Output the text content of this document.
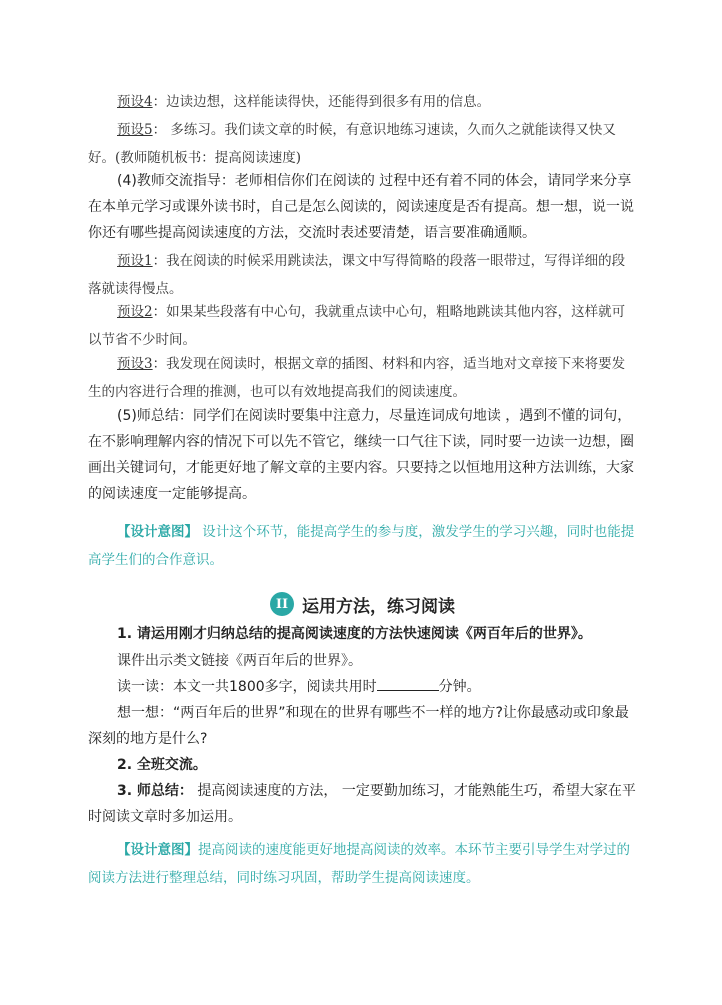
预设4：边读边想，这样能读得快，还能得到很多有用的信息。

预设5： 多练习。我们读文章的时候，有意识地练习速读，久而久之就能读得又快又好。(教师随机板书：提高阅读速度)

(4)教师交流指导：老师相信你们在阅读的 过程中还有着不同的体会，请同学来分享在本单元学习或课外读书时，自己是怎么阅读的，阅读速度是否有提高。想一想，说一说你还有哪些提高阅读速度的方法，交流时表述要清楚，语言要准确通顺。

预设1：我在阅读的时候采用跳读法，课文中写得简略的段落一眼带过，写得详细的段落就读得慢点。

预设2：如果某些段落有中心句，我就重点读中心句，粗略地跳读其他内容，这样就可以节省不少时间。

预设3：我发现在阅读时，根据文章的插图、材料和内容，适当地对文章接下来将要发生的内容进行合理的推测，也可以有效地提高我们的阅读速度。

(5)师总结：同学们在阅读时要集中注意力，尽量连词成句地读 ，遇到不懂的词句，在不影响理解内容的情况下可以先不管它，继续一口气往下读，同时要一边读一边想，圈画出关键词句，才能更好地了解文章的主要内容。只要持之以恒地用这种方法训练，大家的阅读速度一定能够提高。

【设计意图】 设计这个环节，能提高学生的参与度，激发学生的学习兴趣，同时也能提高学生们的合作意识。

II 运用方法，练习阅读

1. 请运用刚才归纳总结的提高阅读速度的方法快速阅读《两百年后的世界》。

课件出示类文链接《两百年后的世界》。

读一读：本文一共1800多字，阅读共用时	分钟。

想一想：“两百年后的世界”和现在的世界有哪些不一样的地方?让你最感动或印象最深刻的地方是什么?

2. 全班交流。

3. 师总结： 提高阅读速度的方法， 一定要勤加练习，才能熟能生巧，希望大家在平时阅读文章时多加运用。

【设计意图】提高阅读的速度能更好地提高阅读的效率。本环节主要引导学生对学过的阅读方法进行整理总结，同时练习巩固，帮助学生提高阅读速度。
